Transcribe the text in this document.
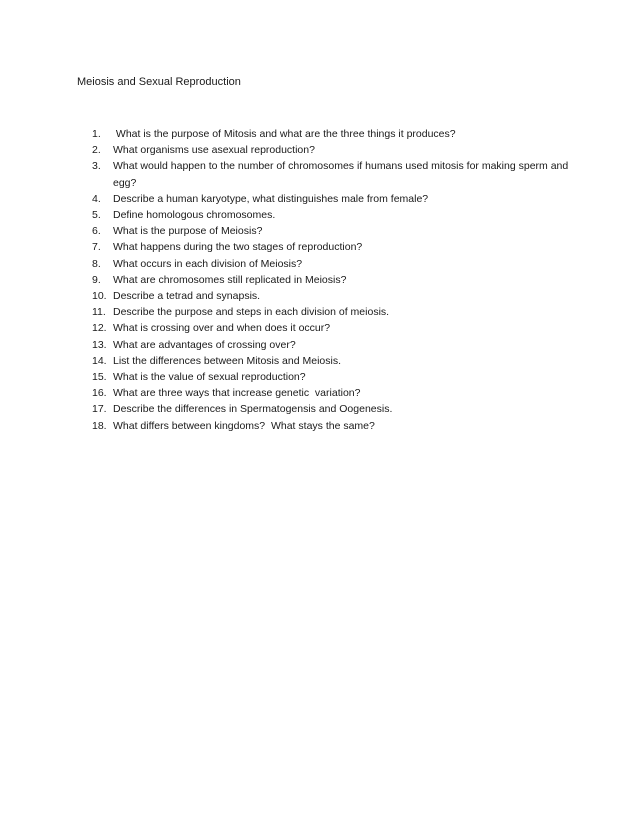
Meiosis and Sexual Reproduction
1.	What is the purpose of Mitosis and what are the three things it produces?
2.	What organisms use asexual reproduction?
3.	What would happen to the number of chromosomes if humans used mitosis for making sperm and egg?
4.	Describe a human karyotype, what distinguishes male from female?
5.	Define homologous chromosomes.
6.	What is the purpose of Meiosis?
7.	What happens during the two stages of reproduction?
8.	What occurs in each division of Meiosis?
9.	What are chromosomes still replicated in Meiosis?
10. Describe a tetrad and synapsis.
11. Describe the purpose and steps in each division of meiosis.
12. What is crossing over and when does it occur?
13. What are advantages of crossing over?
14. List the differences between Mitosis and Meiosis.
15. What is the value of sexual reproduction?
16. What are three ways that increase genetic  variation?
17. Describe the differences in Spermatogensis and Oogenesis.
18. What differs between kingdoms?  What stays the same?
